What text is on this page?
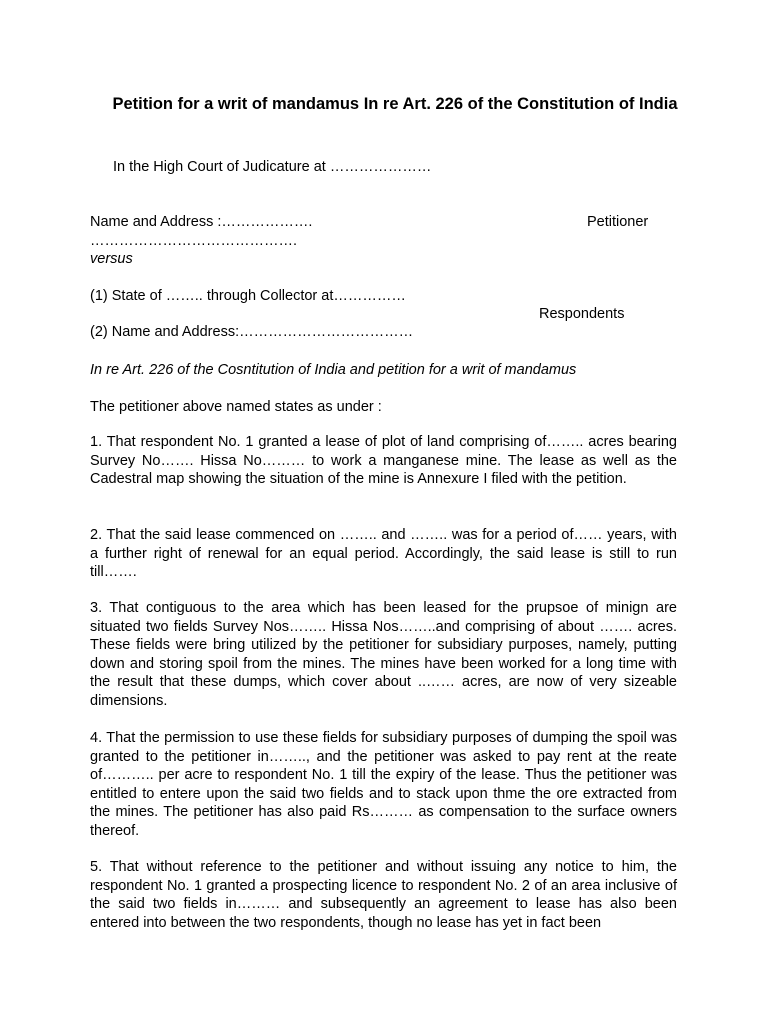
Petition for a writ of mandamus In re Art. 226 of the Constitution of India
In the High Court of Judicature at …………………
Name and Address :……………….	Petitioner
…………………………………….
versus
(1) State of …….. through Collector at……………
Respondents
(2) Name and Address:………………………………
In re Art. 226 of the Cosntitution of India and petition for a writ of mandamus
The petitioner above named states as under :
1. That respondent No. 1 granted a lease of plot of land comprising of…….. acres bearing Survey No……. Hissa No……… to work a manganese mine. The lease as well as the Cadestral map showing the situation of the mine is Annexure I filed with the petition.
2. That the said lease commenced on …….. and …….. was for a period of…… years, with a further right of renewal for an equal period. Accordingly, the said lease is still to run till…….
3. That contiguous to the area which has been leased for the prupsoe of minign are situated two fields Survey Nos…….. Hissa Nos……..and comprising of about ……. acres. These fields were bring utilized by the petitioner for subsidiary purposes, namely, putting down and storing spoil from the mines. The mines have been worked for a long time with the result that these dumps, which cover about ..…… acres, are now of very sizeable dimensions.
4. That the permission to use these fields for subsidiary purposes of dumping the spoil was granted to the petitioner in…….., and the petitioner was asked to pay rent at the reate of……….. per acre to respondent No. 1 till the expiry of the lease. Thus the petitioner was entitled to entere upon the said two fields and to stack upon thme the ore extracted from the mines. The petitioner has also paid Rs……… as compensation to the surface owners thereof.
5. That without reference to the petitioner and without issuing any notice to him, the respondent No. 1 granted a prospecting licence to respondent No. 2 of an area inclusive of the said two fields in……… and subsequently an agreement to lease has also been entered into between the two respondents, though no lease has yet in fact been
